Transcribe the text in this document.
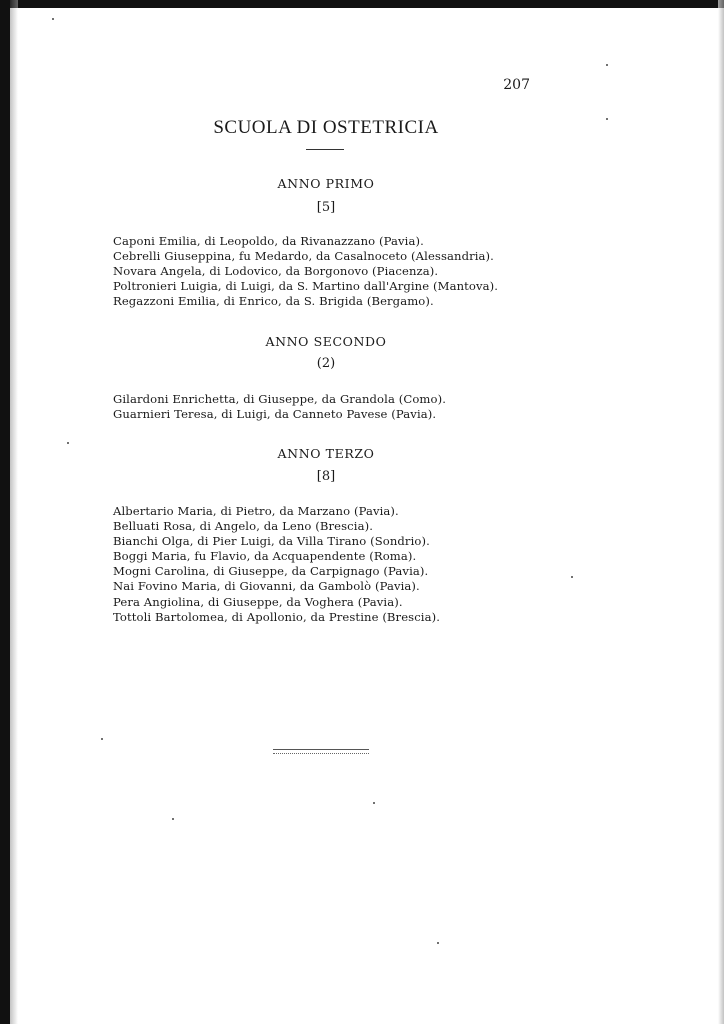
207
SCUOLA DI OSTETRICIA
ANNO PRIMO
[5]
Caponi Emilia, di Leopoldo, da Rivanazzano (Pavia).
Cebrelli Giuseppina, fu Medardo, da Casalnoceto (Alessandria).
Novara Angela, di Lodovico, da Borgonovo (Piacenza).
Poltronieri Luigia, di Luigi, da S. Martino dall'Argine (Mantova).
Regazzoni Emilia, di Enrico, da S. Brigida (Bergamo).
ANNO SECONDO
(2)
Gilardoni Enrichetta, di Giuseppe, da Grandola (Como).
Guarnieri Teresa, di Luigi, da Canneto Pavese (Pavia).
ANNO TERZO
[8]
Albertario Maria, di Pietro, da Marzano (Pavia).
Belluati Rosa, di Angelo, da Leno (Brescia).
Bianchi Olga, di Pier Luigi, da Villa Tirano (Sondrio).
Boggi Maria, fu Flavio, da Acquapendente (Roma).
Mogni Carolina, di Giuseppe, da Carpignago (Pavia).
Nai Fovino Maria, di Giovanni, da Gambolò (Pavia).
Pera Angiolina, di Giuseppe, da Voghera (Pavia).
Tottoli Bartolomea, di Apollonio, da Prestine (Brescia).
